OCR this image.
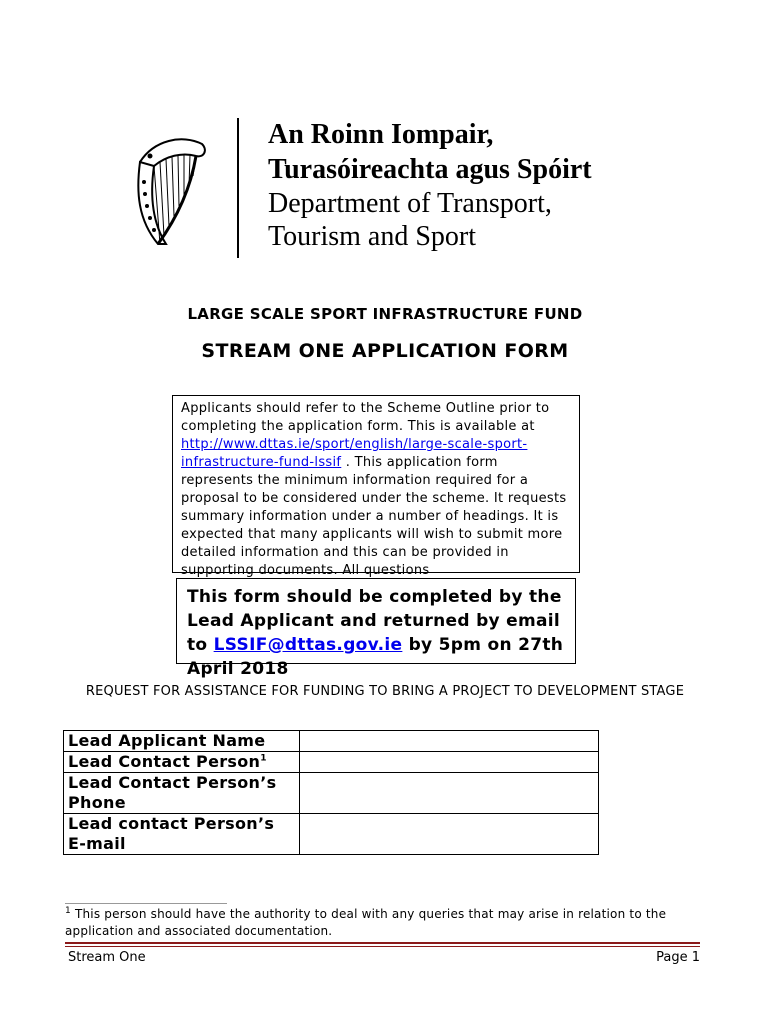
An Roinn Iompair,
Turasóireachta agus Spóirt
Department of Transport,
Tourism and Sport
LARGE SCALE SPORT INFRASTRUCTURE FUND
STREAM ONE APPLICATION FORM
Applicants should refer to the Scheme Outline prior to completing the application form. This is available at http://www.dttas.ie/sport/english/large-scale-sport-infrastructure-fund-lssif . This application form represents the minimum information required for a proposal to be considered under the scheme. It requests summary information under a number of headings. It is expected that many applicants will wish to submit more detailed information and this can be provided in supporting documents. All questions
This form should be completed by the Lead Applicant and returned by email to LSSIF@dttas.gov.ie by 5pm on 27th April 2018
REQUEST FOR ASSISTANCE FOR FUNDING TO BRING A PROJECT TO DEVELOPMENT STAGE
Lead Applicant Name	
Lead Contact Person$^1$	
Lead Contact Person’s Phone	
Lead contact Person’s E-mail	
$^1$ This person should have the authority to deal with any queries that may arise in relation to the application and associated documentation.
Stream One	Page 1
